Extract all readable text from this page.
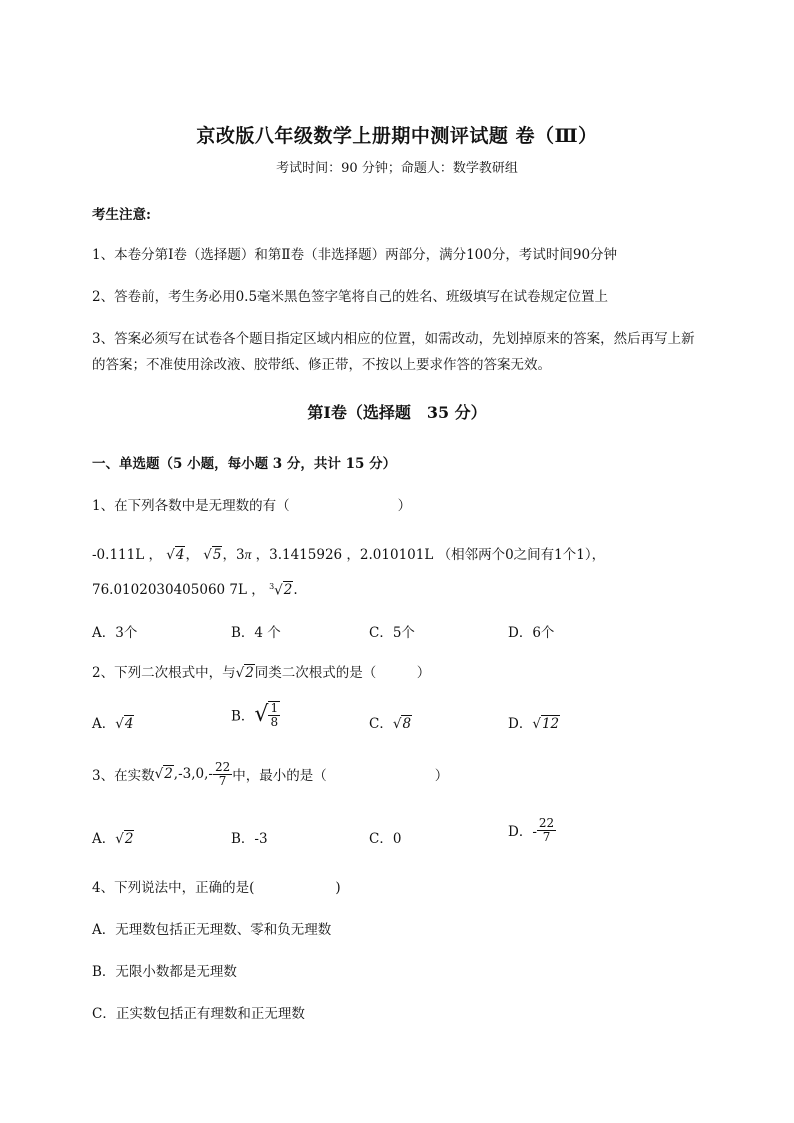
京改版八年级数学上册期中测评试题 卷（Ⅲ）
考试时间：90 分钟；命题人：数学教研组
考生注意:
1、本卷分第Ⅰ卷（选择题）和第Ⅱ卷（非选择题）两部分，满分100分，考试时间90分钟
2、答卷前，考生务必用0.5毫米黑色签字笔将自己的姓名、班级填写在试卷规定位置上
3、答案必须写在试卷各个题目指定区域内相应的位置，如需改动，先划掉原来的答案，然后再写上新
的答案；不准使用涂改液、胶带纸、修正带，不按以上要求作答的答案无效。
第Ⅰ卷（选择题　35 分）
一、单选题（5 小题，每小题 3 分，共计 15 分）
1、在下列各数中是无理数的有（　　　　　　　　）
-0.111L ， √4， √5，3π ，3.1415926 ，2.010101L （相邻两个0之间有1个1），
76.0102030405060 7L ， $^3$√2.
A．3个	B．4 个	C．5个	D．6个
2、下列二次根式中，与√2同类二次根式的是（　　　）
A．√4	B．√ $\frac{1}{8}$	C．√8	D．√12
3、在实数$√2,-3,0,- \frac{22}{7}$ 中，最小的是（　　　　　　　　）
A．√2	B．-3	C．0	D．- $\frac{22}{7}$
4、下列说法中，正确的是(　　　　　　)
A．无理数包括正无理数、零和负无理数
B．无限小数都是无理数
C．正实数包括正有理数和正无理数
